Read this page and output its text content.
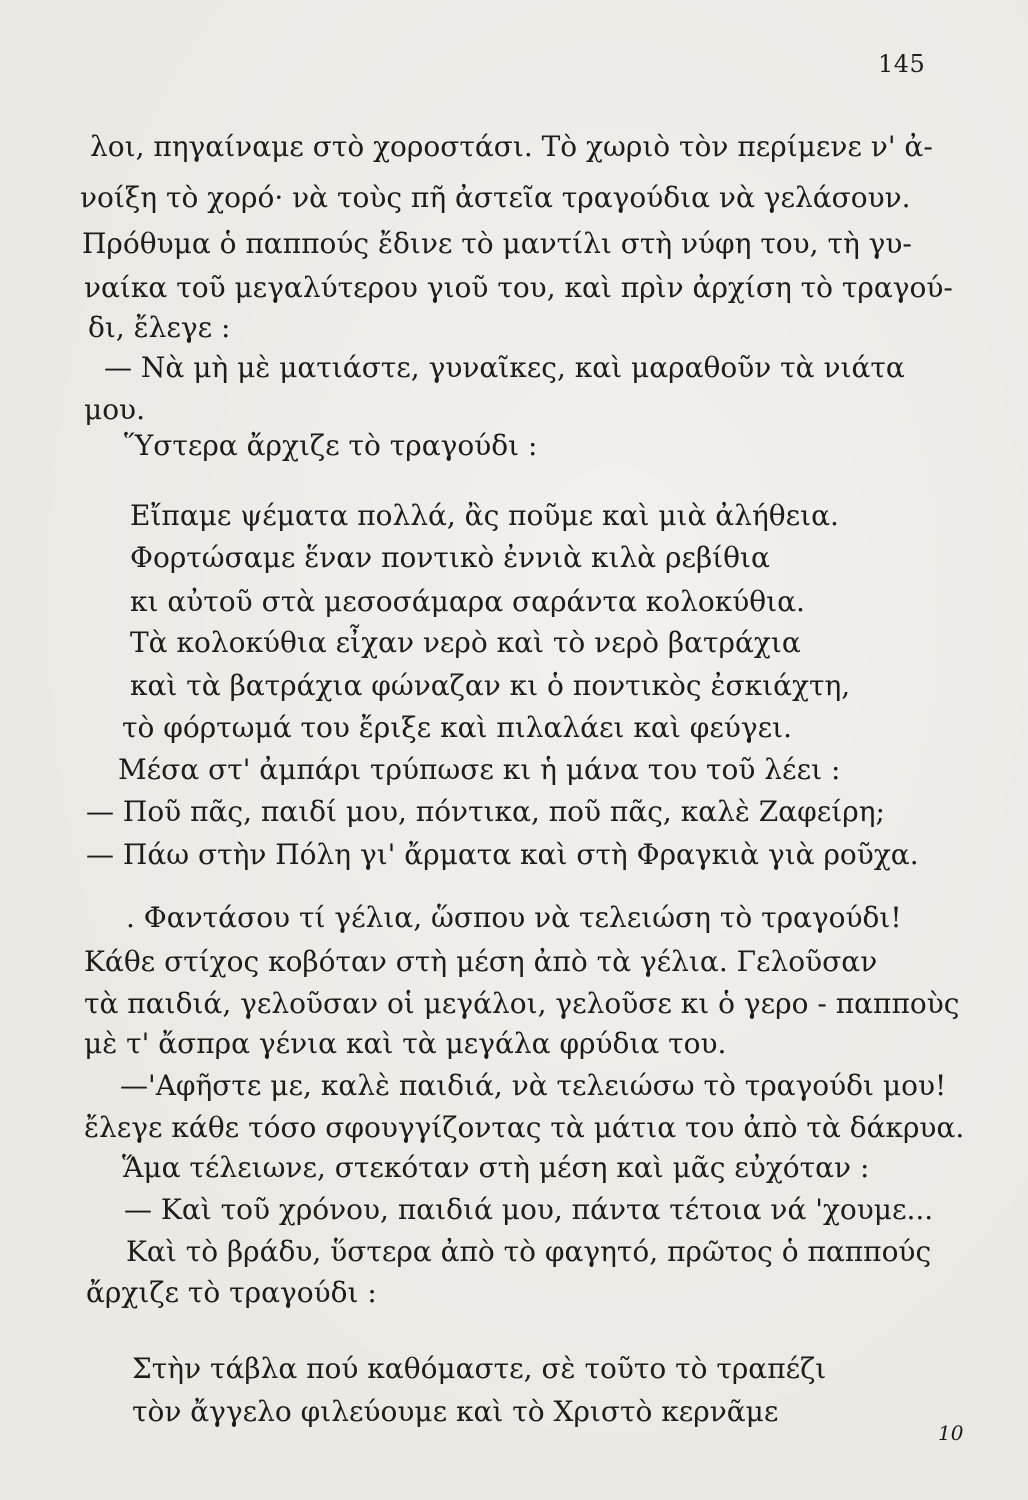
145
λοι, πηγαίναμε στὸ χοροστάσι. Τὸ χωριὸ τὸν περίμενε ν' ἀ-
νοίξη τὸ χορό· νὰ τοὺς πῆ ἀστεῖα τραγούδια νὰ γελάσουν.
Πρόθυμα ὁ παππούς ἔδινε τὸ μαντίλι στὴ νύφη του, τὴ γυ-
ναίκα τοῦ μεγαλύτερου γιοῦ του, καὶ πρὶν ἀρχίση τὸ τραγού-
δι, ἔλεγε :
— Νὰ μὴ μὲ ματιάστε, γυναῖκες, καὶ μαραθοῦν τὰ νιάτα
μου.
Ὕστερα ἄρχιζε τὸ τραγούδι :
Εἴπαμε ψέματα πολλά, ἂς ποῦμε καὶ μιὰ ἀλήθεια.
Φορτώσαμε ἕναν ποντικὸ ἐννιὰ κιλὰ ρεβίθια
κι αὐτοῦ στὰ μεσοσάμαρα σαράντα κολοκύθια.
Τὰ κολοκύθια εἶχαν νερὸ καὶ τὸ νερὸ βατράχια
καὶ τὰ βατράχια φώναζαν κι ὁ ποντικὸς ἐσκιάχτη,
τὸ φόρτωμά του ἔριξε καὶ πιλαλάει καὶ φεύγει.
Μέσα στ' ἀμπάρι τρύπωσε κι ἡ μάνα του τοῦ λέει :
— Ποῦ πᾶς, παιδί μου, πόντικα, ποῦ πᾶς, καλὲ Ζαφείρη;
— Πάω στὴν Πόλη γι' ἄρματα καὶ στὴ Φραγκιὰ γιὰ ροῦχα.
. Φαντάσου τί γέλια, ὥσπου νὰ τελειώση τὸ τραγούδι!
Κάθε στίχος κοβόταν στὴ μέση ἀπὸ τὰ γέλια. Γελοῦσαν
τὰ παιδιά, γελοῦσαν οἱ μεγάλοι, γελοῦσε κι ὁ γερο - παπποὺς
μὲ τ' ἄσπρα γένια καὶ τὰ μεγάλα φρύδια του.
—'Αφῆστε με, καλὲ παιδιά, νὰ τελειώσω τὸ τραγούδι μου!
ἔλεγε κάθε τόσο σφουγγίζοντας τὰ μάτια του ἀπὸ τὰ δάκρυα.
Ἅμα τέλειωνε, στεκόταν στὴ μέση καὶ μᾶς εὐχόταν :
— Καὶ τοῦ χρόνου, παιδιά μου, πάντα τέτοια νά 'χουμε...
Καὶ τὸ βράδυ, ὕστερα ἀπὸ τὸ φαγητό, πρῶτος ὁ παππούς
ἄρχιζε τὸ τραγούδι :
Στὴν τάβλα πού καθόμαστε, σὲ τοῦτο τὸ τραπέζι
τὸν ἄγγελο φιλεύουμε καὶ τὸ Χριστὸ κερνᾶμε
10
